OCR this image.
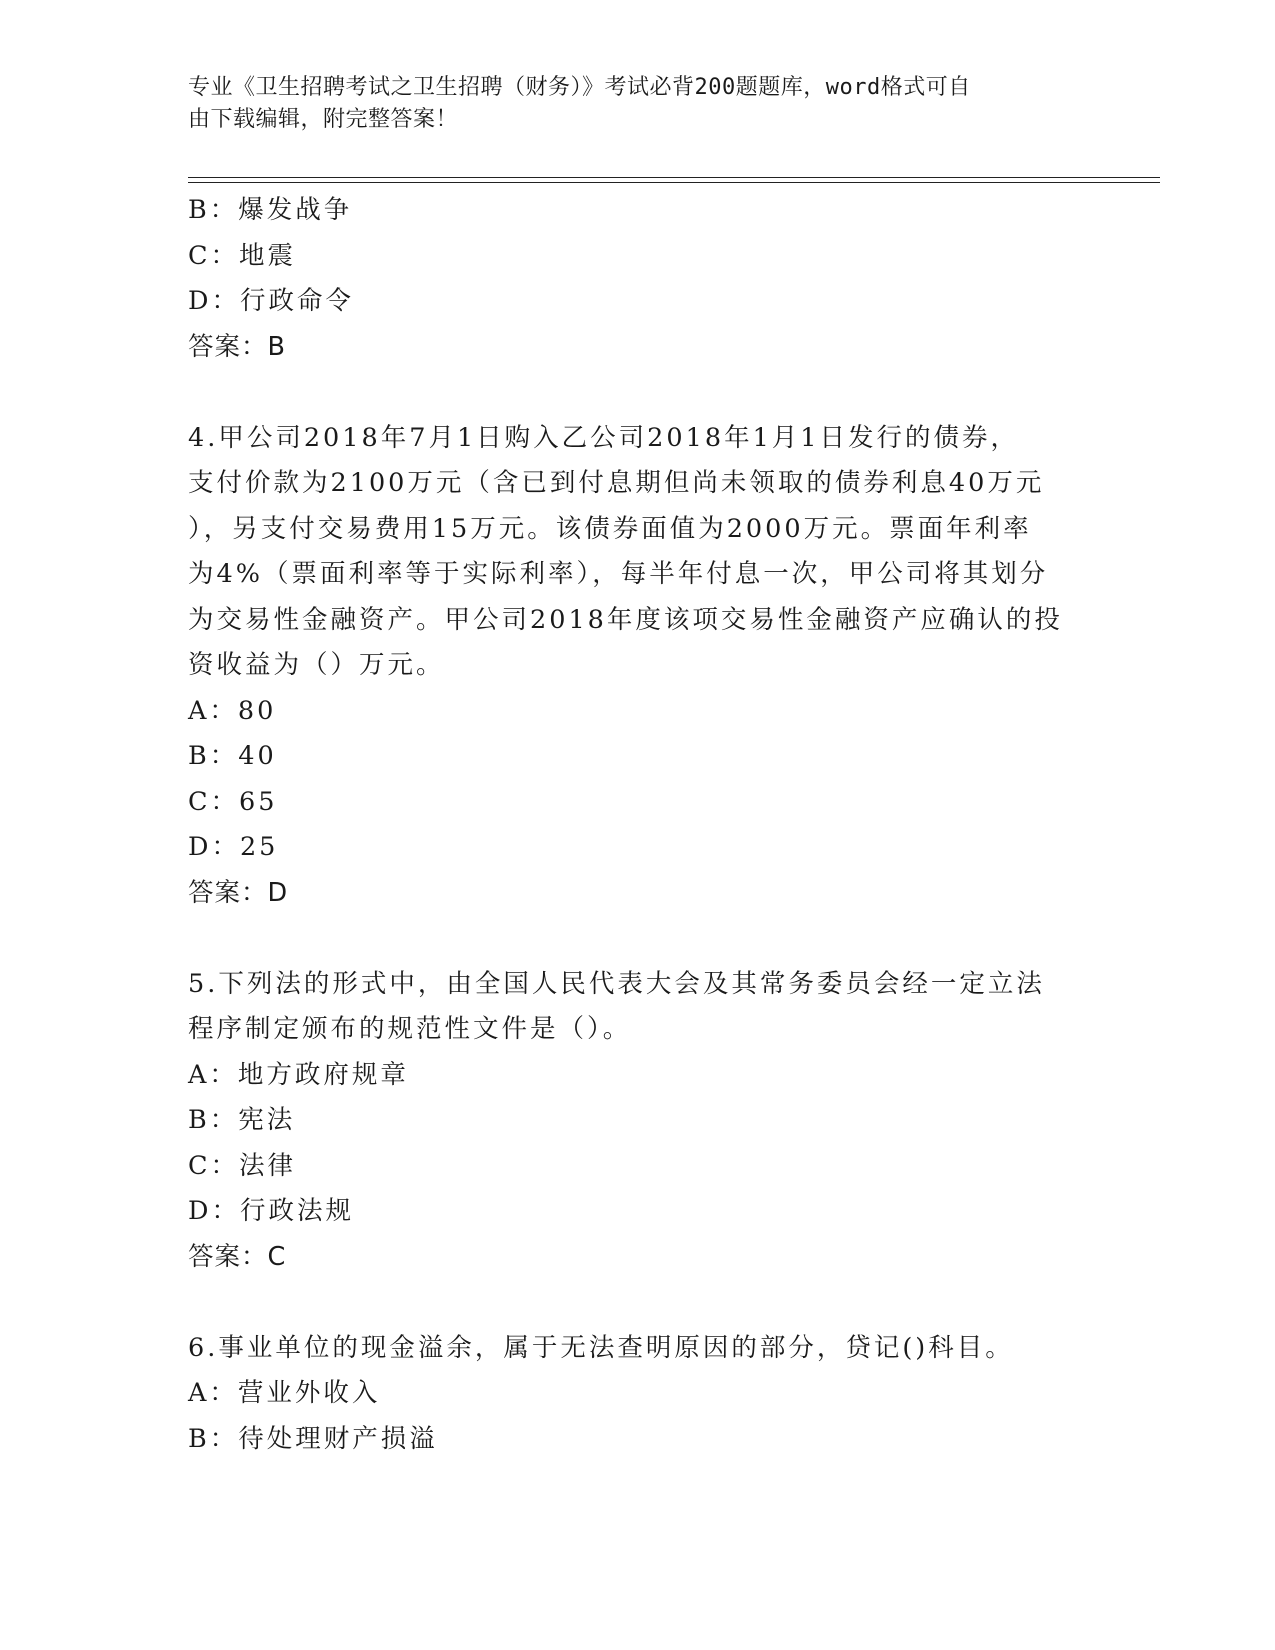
专业《卫生招聘考试之卫生招聘（财务）》考试必背200题题库，word格式可自
由下载编辑，附完整答案！
B：爆发战争
C：地震
D：行政命令
答案：B
4.甲公司2018年7月1日购入乙公司2018年1月1日发行的债券，
支付价款为2100万元（含已到付息期但尚未领取的债券利息40万元
），另支付交易费用15万元。该债券面值为2000万元。票面年利率
为4%（票面利率等于实际利率），每半年付息一次，甲公司将其划分
为交易性金融资产。甲公司2018年度该项交易性金融资产应确认的投
资收益为（）万元。
A：80
B：40
C：65
D：25
答案：D
5.下列法的形式中，由全国人民代表大会及其常务委员会经一定立法
程序制定颁布的规范性文件是（）。
A：地方政府规章
B：宪法
C：法律
D：行政法规
答案：C
6.事业单位的现金溢余，属于无法查明原因的部分，贷记()科目。
A：营业外收入
B：待处理财产损溢
